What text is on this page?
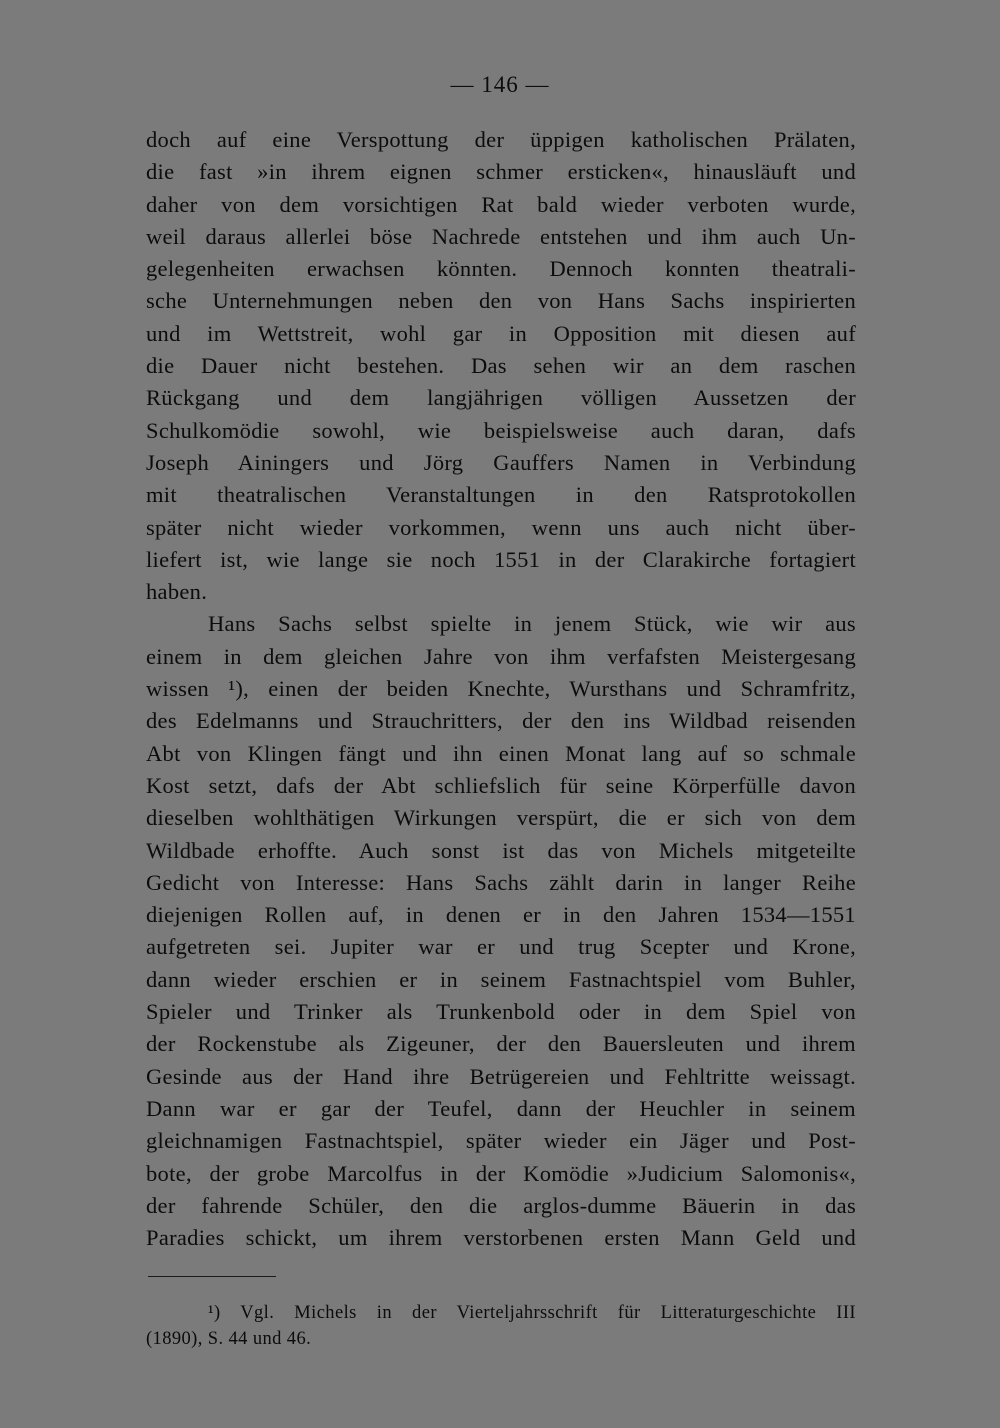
— 146 —
doch auf eine Verspottung der üppigen katholischen Prälaten,
die fast »in ihrem eignen schmer ersticken«, hinausläuft und
daher von dem vorsichtigen Rat bald wieder verboten wurde,
weil daraus allerlei böse Nachrede entstehen und ihm auch Un-
gelegenheiten erwachsen könnten. Dennoch konnten theatrali-
sche Unternehmungen neben den von Hans Sachs inspirierten
und im Wettstreit, wohl gar in Opposition mit diesen auf
die Dauer nicht bestehen. Das sehen wir an dem raschen
Rückgang und dem langjährigen völligen Aussetzen der
Schulkomödie sowohl, wie beispielsweise auch daran, dafs
Joseph Ainingers und Jörg Gauffers Namen in Verbindung
mit theatralischen Veranstaltungen in den Ratsprotokollen
später nicht wieder vorkommen, wenn uns auch nicht über-
liefert ist, wie lange sie noch 1551 in der Clarakirche fortagiert
haben.
Hans Sachs selbst spielte in jenem Stück, wie wir aus
einem in dem gleichen Jahre von ihm verfafsten Meistergesang
wissen ¹), einen der beiden Knechte, Wursthans und Schramfritz,
des Edelmanns und Strauchritters, der den ins Wildbad reisenden
Abt von Klingen fängt und ihn einen Monat lang auf so schmale
Kost setzt, dafs der Abt schliefslich für seine Körperfülle davon
dieselben wohlthätigen Wirkungen verspürt, die er sich von dem
Wildbade erhoffte. Auch sonst ist das von Michels mitgeteilte
Gedicht von Interesse: Hans Sachs zählt darin in langer Reihe
diejenigen Rollen auf, in denen er in den Jahren 1534—1551
aufgetreten sei. Jupiter war er und trug Scepter und Krone,
dann wieder erschien er in seinem Fastnachtspiel vom Buhler,
Spieler und Trinker als Trunkenbold oder in dem Spiel von
der Rockenstube als Zigeuner, der den Bauersleuten und ihrem
Gesinde aus der Hand ihre Betrügereien und Fehltritte weissagt.
Dann war er gar der Teufel, dann der Heuchler in seinem
gleichnamigen Fastnachtspiel, später wieder ein Jäger und Post-
bote, der grobe Marcolfus in der Komödie »Judicium Salomonis«,
der fahrende Schüler, den die arglos-dumme Bäuerin in das
Paradies schickt, um ihrem verstorbenen ersten Mann Geld und
¹) Vgl. Michels in der Vierteljahrsschrift für Litteraturgeschichte III
(1890), S. 44 und 46.
